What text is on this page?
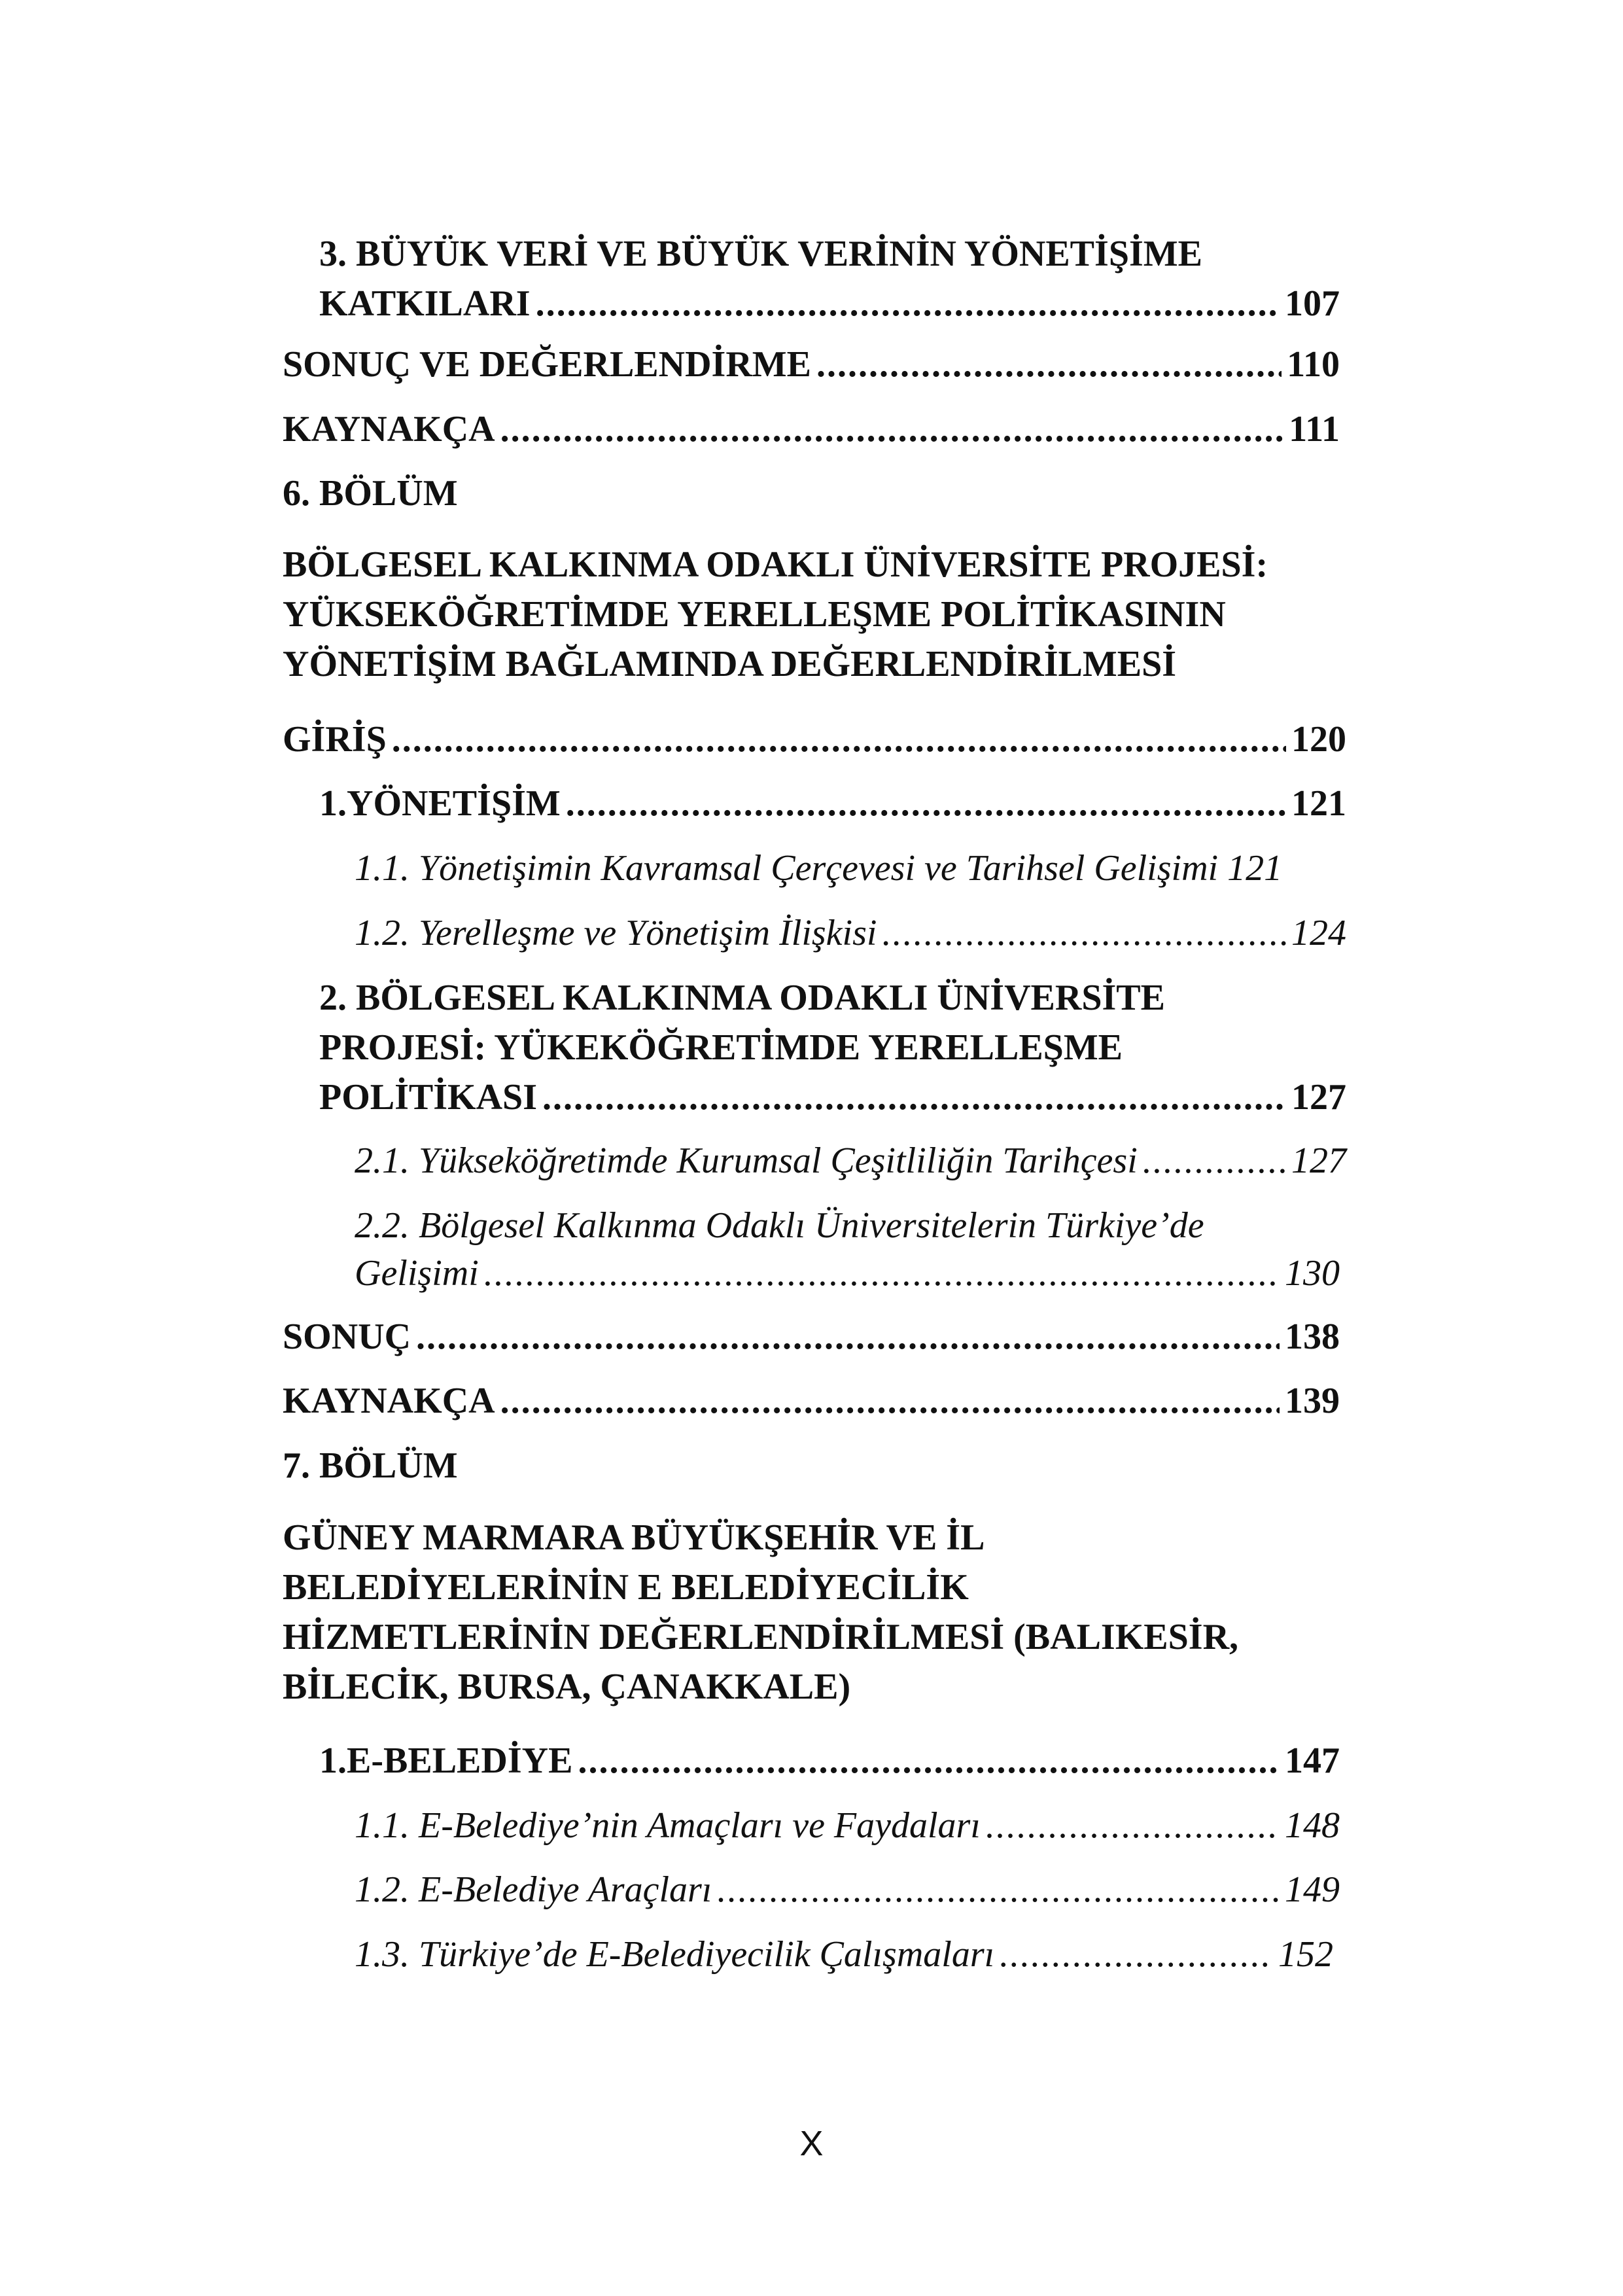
3. BÜYÜK VERİ VE BÜYÜK VERİNİN YÖNETİŞİME
KATKILARI .....	107
SONUÇ VE DEĞERLENDİRME .....	110
KAYNAKÇA .....	111
6. BÖLÜM
BÖLGESEL KALKINMA ODAKLI ÜNİVERSİTE PROJESİ:
YÜKSEKÖĞRETİMDE YERELLEŞME POLİTİKASININ
YÖNETİŞİM BAĞLAMINDA DEĞERLENDİRİLMESİ
GİRİŞ .....	120
1.YÖNETİŞİM .....	121
1.1. Yönetişimin Kavramsal Çerçevesi ve Tarihsel Gelişimi 121
1.2. Yerelleşme ve Yönetişim İlişkisi .....	124
2. BÖLGESEL KALKINMA ODAKLI ÜNİVERSİTE
PROJESİ: YÜKEKÖĞRETİMDE YERELLEŞME
POLİTİKASI .....	127
2.1. Yükseköğretimde Kurumsal Çeşitliliğin Tarihçesi .....	127
2.2. Bölgesel Kalkınma Odaklı Üniversitelerin Türkiye’de
Gelişimi .....	130
SONUÇ .....	138
KAYNAKÇA .....	139
7. BÖLÜM
GÜNEY MARMARA BÜYÜKŞEHİR VE İL
BELEDİYELERİNİN E BELEDİYECİLİK
HİZMETLERİNİN DEĞERLENDİRİLMESİ (BALIKESİR,
BİLECİK, BURSA, ÇANAKKALE)
1.E-BELEDİYE .....	147
1.1. E-Belediye’nin Amaçları ve Faydaları .....	148
1.2. E-Belediye Araçları .....	149
1.3. Türkiye’de E-Belediyecilik Çalışmaları .....	152
X
